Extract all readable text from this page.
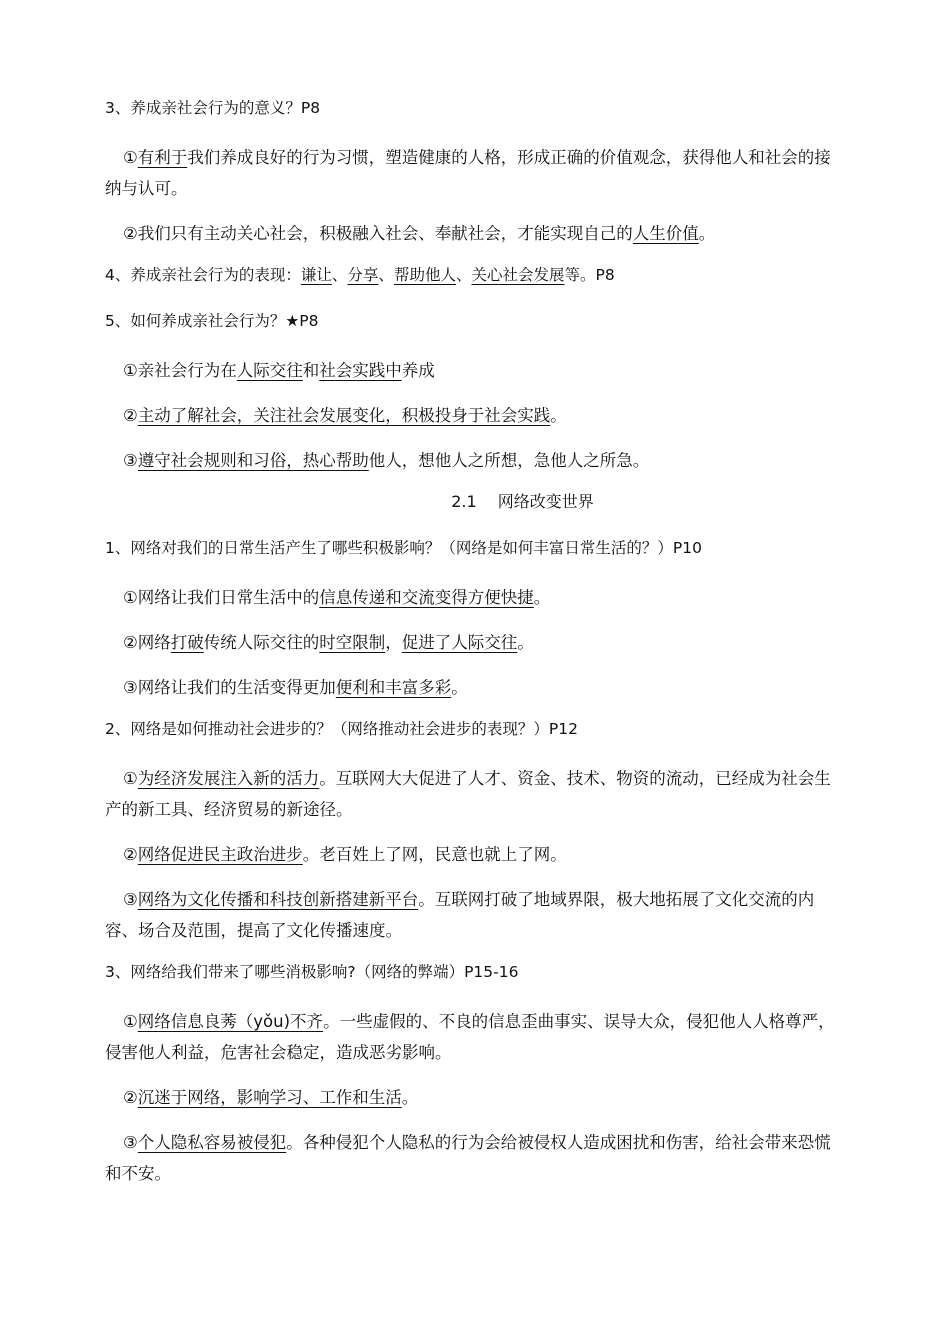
3、养成亲社会行为的意义？P8
①有利于我们养成良好的行为习惯，塑造健康的人格，形成正确的价值观念，获得他人和社会的接纳与认可。
②我们只有主动关心社会，积极融入社会、奉献社会，才能实现自己的人生价值。
4、养成亲社会行为的表现：谦让、分享、帮助他人、关心社会发展等。P8
5、如何养成亲社会行为？★P8
①亲社会行为在人际交往和社会实践中养成
②主动了解社会，关注社会发展变化，积极投身于社会实践。
③遵守社会规则和习俗，热心帮助他人，想他人之所想，急他人之所急。
2.1 网络改变世界
1、网络对我们的日常生活产生了哪些积极影响？（网络是如何丰富日常生活的？）P10
①网络让我们日常生活中的信息传递和交流变得方便快捷。
②网络打破传统人际交往的时空限制，促进了人际交往。
③网络让我们的生活变得更加便利和丰富多彩。
2、网络是如何推动社会进步的？（网络推动社会进步的表现？）P12
①为经济发展注入新的活力。互联网大大促进了人才、资金、技术、物资的流动，已经成为社会生产的新工具、经济贸易的新途径。
②网络促进民主政治进步。老百姓上了网，民意也就上了网。
③网络为文化传播和科技创新搭建新平台。互联网打破了地域界限，极大地拓展了文化交流的内容、场合及范围，提高了文化传播速度。
3、网络给我们带来了哪些消极影响?（网络的弊端）P15-16
①网络信息良莠（yǒu)不齐。一些虚假的、不良的信息歪曲事实、误导大众，侵犯他人人格尊严，侵害他人利益，危害社会稳定，造成恶劣影响。
②沉迷于网络，影响学习、工作和生活。
③个人隐私容易被侵犯。各种侵犯个人隐私的行为会给被侵权人造成困扰和伤害，给社会带来恐慌和不安。
